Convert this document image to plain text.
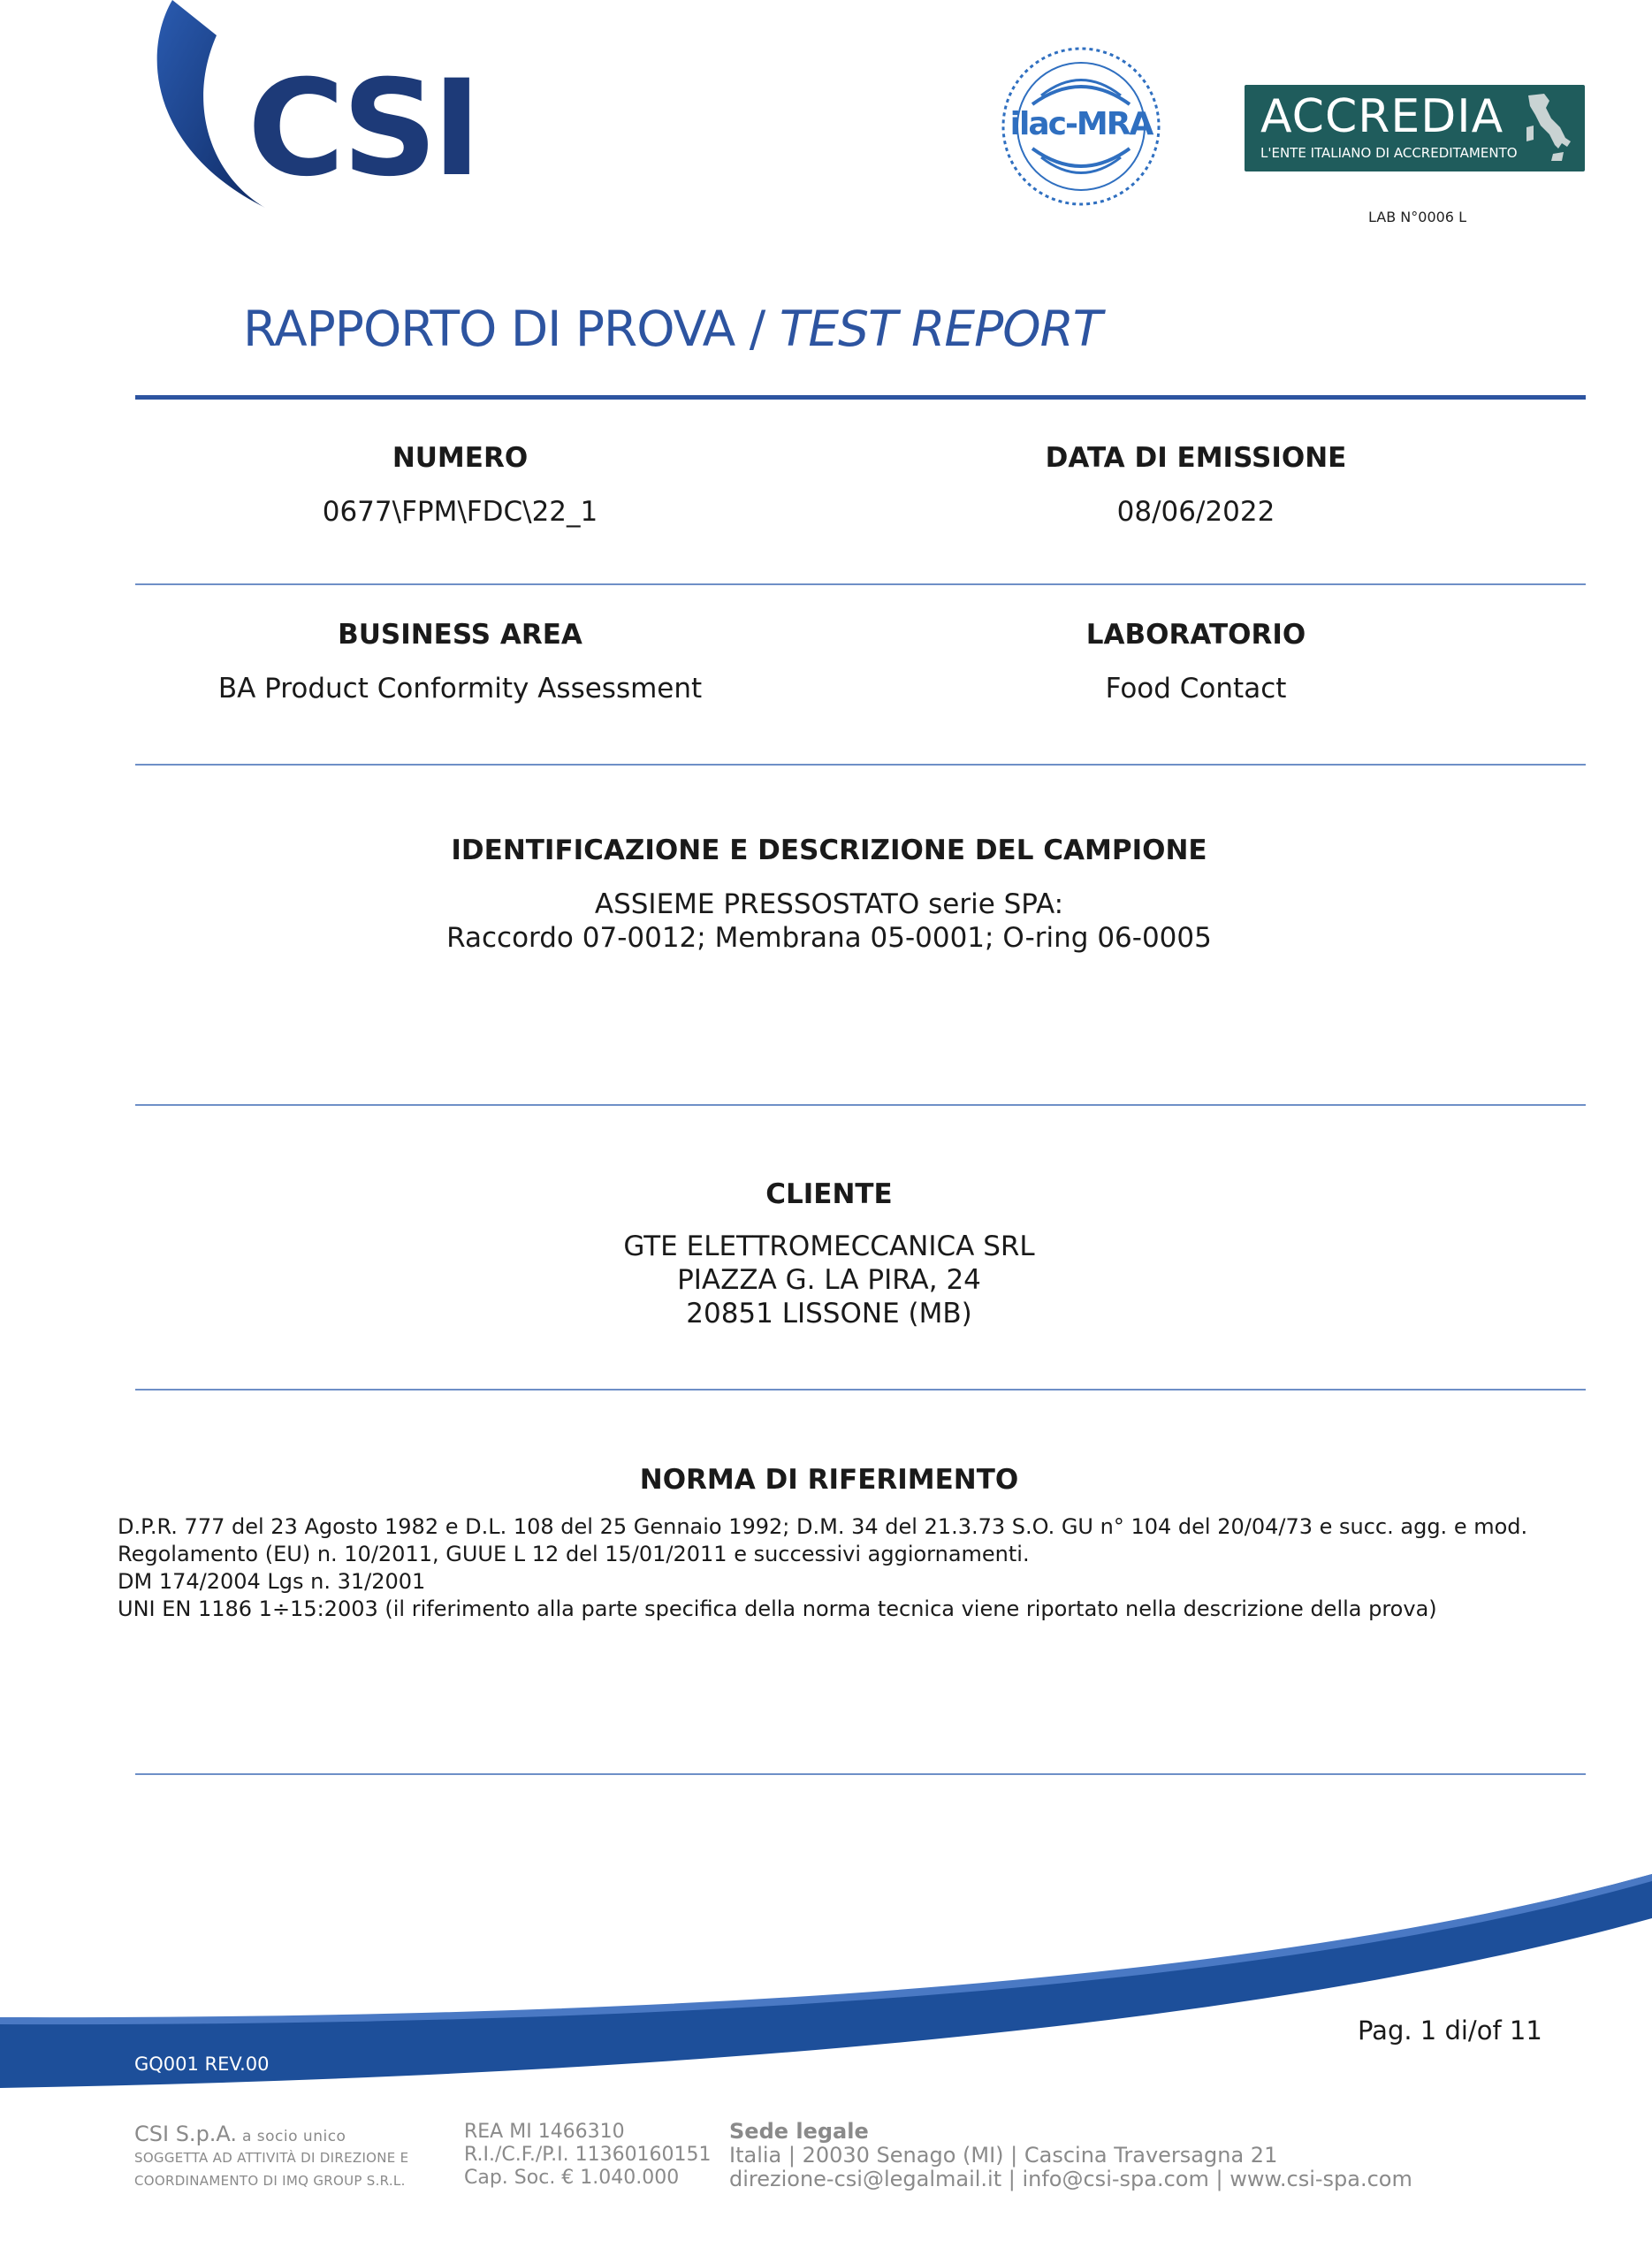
CSI	ilac-MRA ACCREDIA
L'ENTE ITALIANO DI ACCREDITAMENTO
LAB N°0006 L
RAPPORTO DI PROVA / TEST REPORT
NUMERO
0677\FPM\FDC\22_1
DATA DI EMISSIONE
08/06/2022
BUSINESS AREA
BA Product Conformity Assessment
LABORATORIO
Food Contact
IDENTIFICAZIONE E DESCRIZIONE DEL CAMPIONE
ASSIEME PRESSOSTATO serie SPA:
Raccordo 07-0012; Membrana 05-0001; O-ring 06-0005
CLIENTE
GTE ELETTROMECCANICA SRL
PIAZZA G. LA PIRA, 24
20851 LISSONE (MB)
NORMA DI RIFERIMENTO
D.P.R. 777 del 23 Agosto 1982 e D.L. 108 del 25 Gennaio 1992; D.M. 34 del 21.3.73 S.O. GU n° 104 del 20/04/73 e succ. agg. e mod.
Regolamento (EU) n. 10/2011, GUUE L 12 del 15/01/2011 e successivi aggiornamenti.
DM 174/2004 Lgs n. 31/2001
UNI EN 1186 1÷15:2003 (il riferimento alla parte specifica della norma tecnica viene riportato nella descrizione della prova)
GQ001 REV.00
Pag. 1 di/of 11
CSI S.p.A. a socio unico
SOGGETTA AD ATTIVITÀ DI DIREZIONE E
COORDINAMENTO DI IMQ GROUP S.R.L.
REA MI 1466310
R.I./C.F./P.I. 11360160151
Cap. Soc. € 1.040.000
Sede legale
Italia | 20030 Senago (MI) | Cascina Traversagna 21
direzione-csi@legalmail.it | info@csi-spa.com | www.csi-spa.com
